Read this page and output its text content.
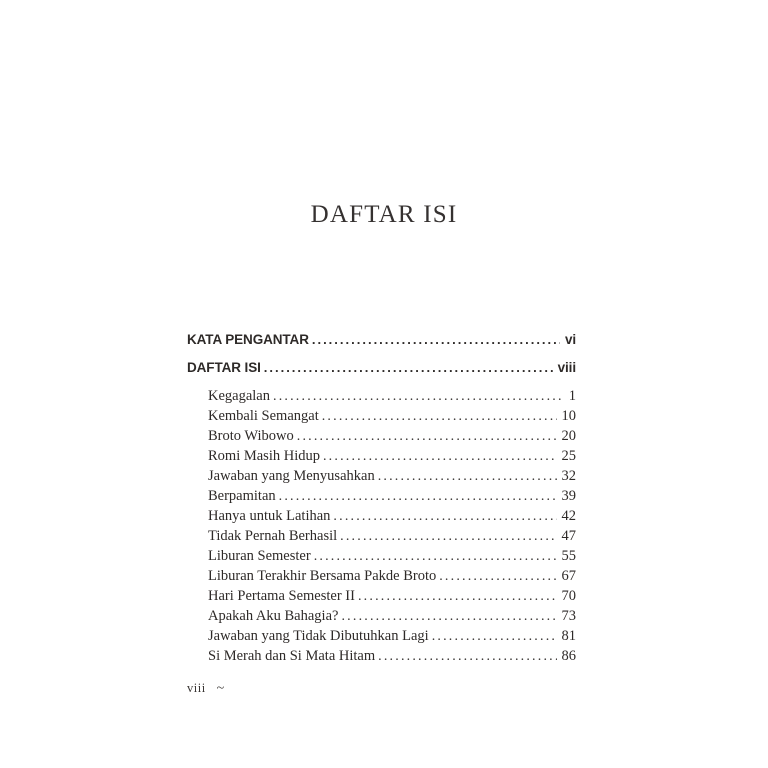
DAFTAR ISI
KATA PENGANTAR .....	vi
DAFTAR ISI .....	viii
Kegagalan .....	1
Kembali Semangat .....	10
Broto Wibowo .....	20
Romi Masih Hidup .....	25
Jawaban yang Menyusahkan .....	32
Berpamitan .....	39
Hanya untuk Latihan .....	42
Tidak Pernah Berhasil .....	47
Liburan Semester .....	55
Liburan Terakhir Bersama Pakde Broto .....	67
Hari Pertama Semester II .....	70
Apakah Aku Bahagia? .....	73
Jawaban yang Tidak Dibutuhkan Lagi .....	81
Si Merah dan Si Mata Hitam .....	86
viii ~
